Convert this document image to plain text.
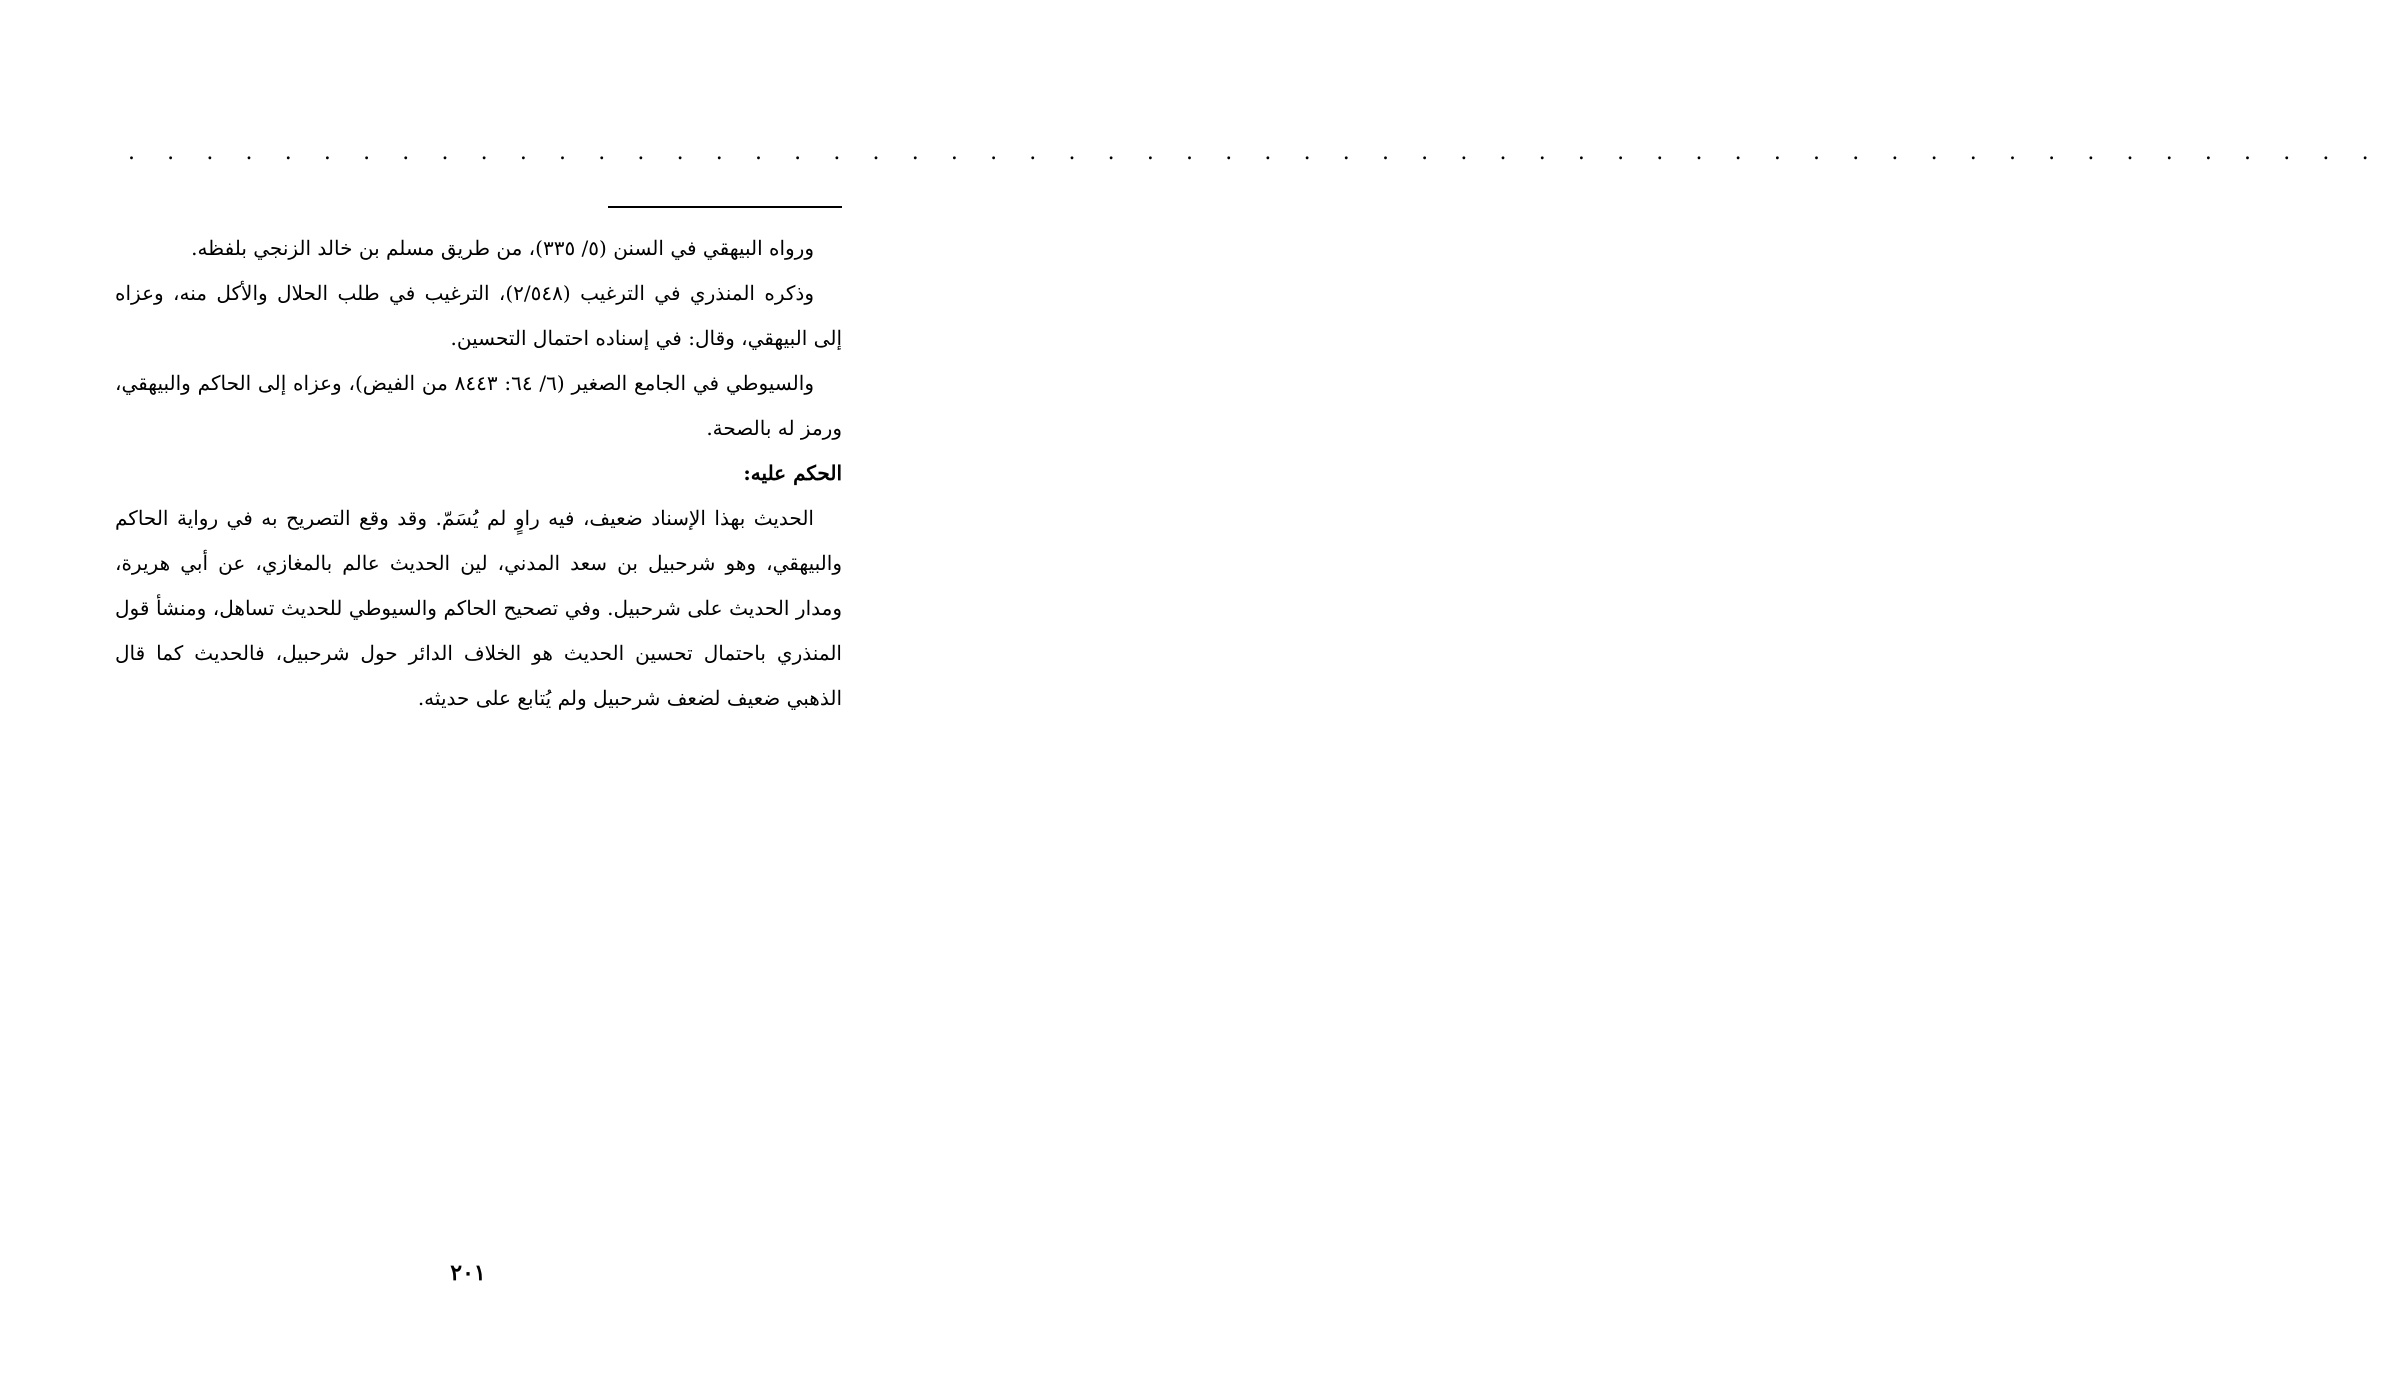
. . . . . . . . . . . . . . . . . . . . . . . . . . . . . . . . . . . . . . . . . . . . . . . . . . . . . . . . . .

ورواه البيهقي في السنن (٥/ ٣٣٥)، من طريق مسلم بن خالد الزنجي بلفظه.

وذكره المنذري في الترغيب (٢/٥٤٨)، الترغيب في طلب الحلال والأكل منه، وعزاه إلى البيهقي، وقال: في إسناده احتمال التحسين.

والسيوطي في الجامع الصغير (٦/ ٦٤: ٨٤٤٣ من الفيض)، وعزاه إلى الحاكم والبيهقي، ورمز له بالصحة.

الحكم عليه:

الحديث بهذا الإسناد ضعيف، فيه راوٍ لم يُسَمّ. وقد وقع التصريح به في رواية الحاكم والبيهقي، وهو شرحبيل بن سعد المدني، لين الحديث عالم بالمغازي، عن أبي هريرة، ومدار الحديث على شرحبيل. وفي تصحيح الحاكم والسيوطي للحديث تساهل، ومنشأ قول المنذري باحتمال تحسين الحديث هو الخلاف الدائر حول شرحبيل، فالحديث كما قال الذهبي ضعيف لضعف شرحبيل ولم يُتابع على حديثه.

٢٠١
